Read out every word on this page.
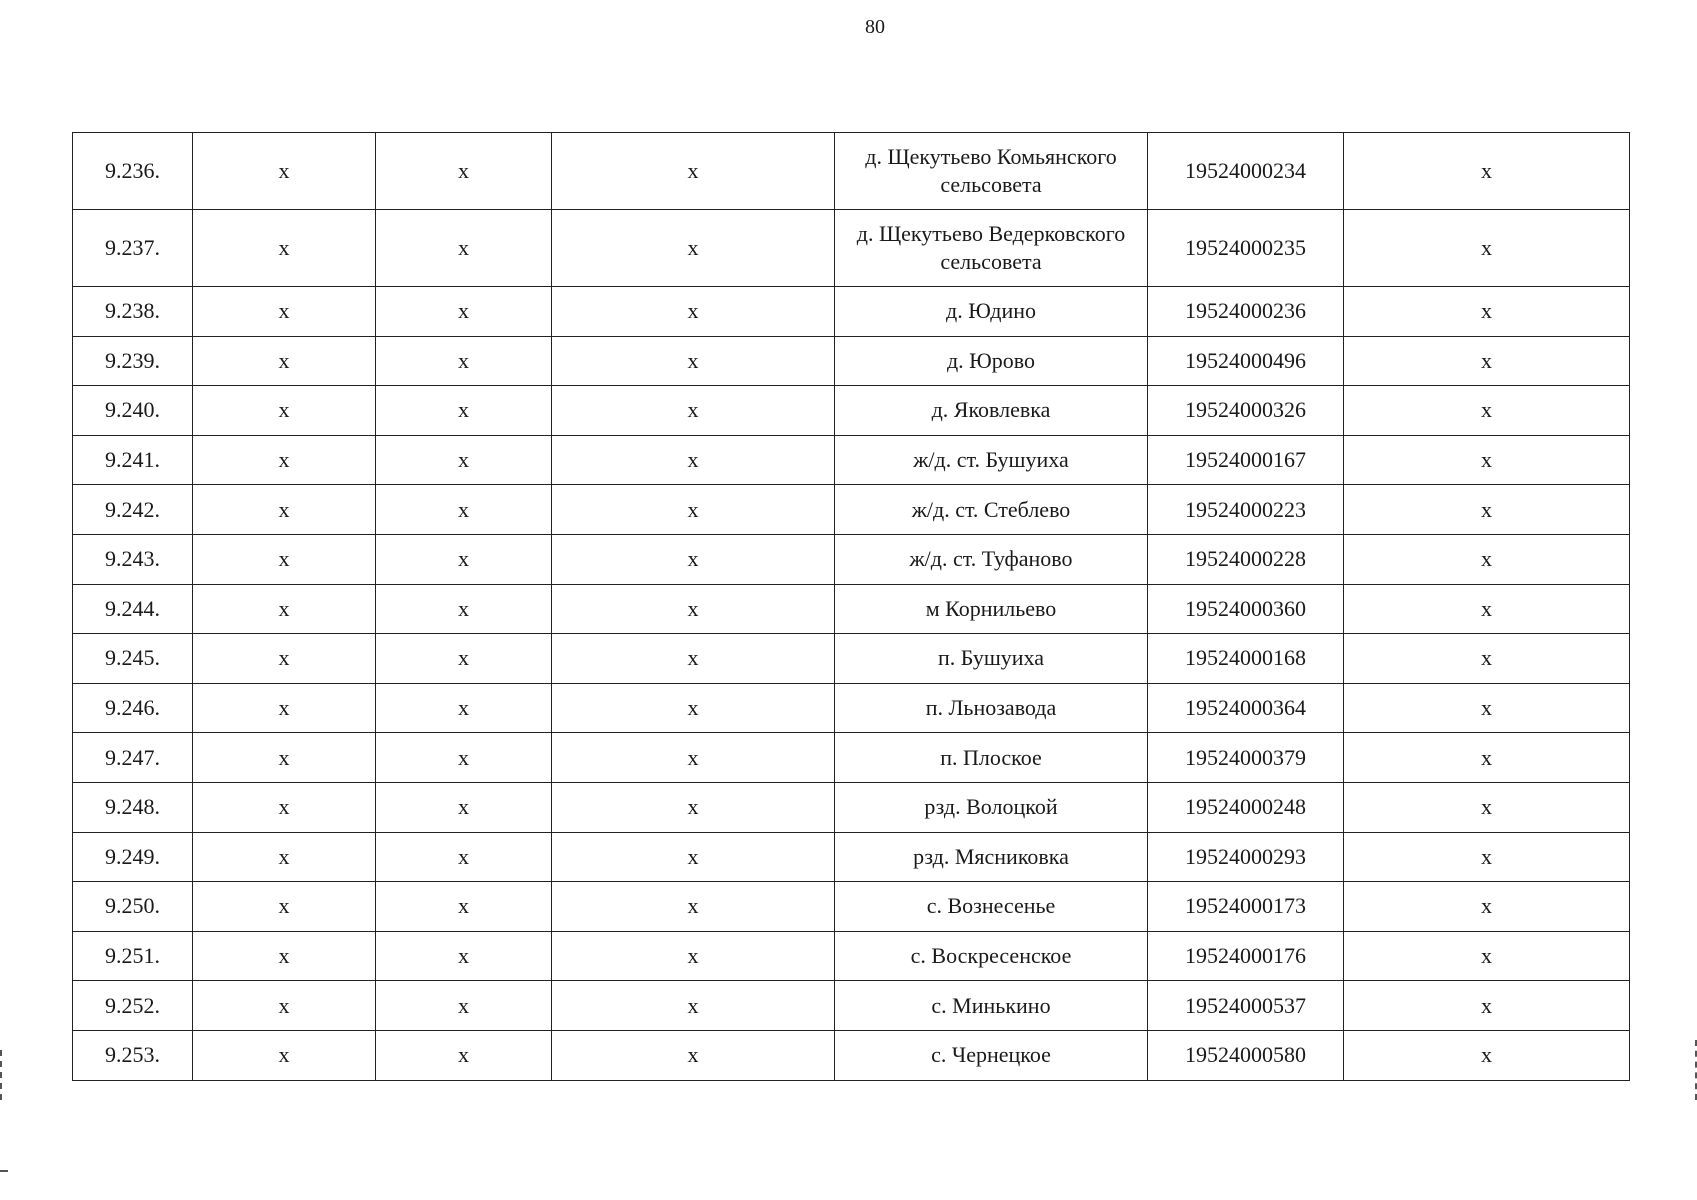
80
9.236.	х	х	х	д. Щекутьево Комьянского сельсовета	19524000234	х
9.237.	х	х	х	д. Щекутьево Ведерковского сельсовета	19524000235	х
9.238.	х	х	х	д. Юдино	19524000236	х
9.239.	х	х	х	д. Юрово	19524000496	х
9.240.	х	х	х	д. Яковлевка	19524000326	х
9.241.	х	х	х	ж/д. ст. Бушуиха	19524000167	х
9.242.	х	х	х	ж/д. ст. Стеблево	19524000223	х
9.243.	х	х	х	ж/д. ст. Туфаново	19524000228	х
9.244.	х	х	х	м Корнильево	19524000360	х
9.245.	х	х	х	п. Бушуиха	19524000168	х
9.246.	х	х	х	п. Льнозавода	19524000364	х
9.247.	х	х	х	п. Плоское	19524000379	х
9.248.	х	х	х	рзд. Волоцкой	19524000248	х
9.249.	х	х	х	рзд. Мясниковка	19524000293	х
9.250.	х	х	х	с. Вознесенье	19524000173	х
9.251.	х	х	х	с. Воскресенское	19524000176	х
9.252.	х	х	х	с. Минькино	19524000537	х
9.253.	х	х	х	с. Чернецкое	19524000580	х
